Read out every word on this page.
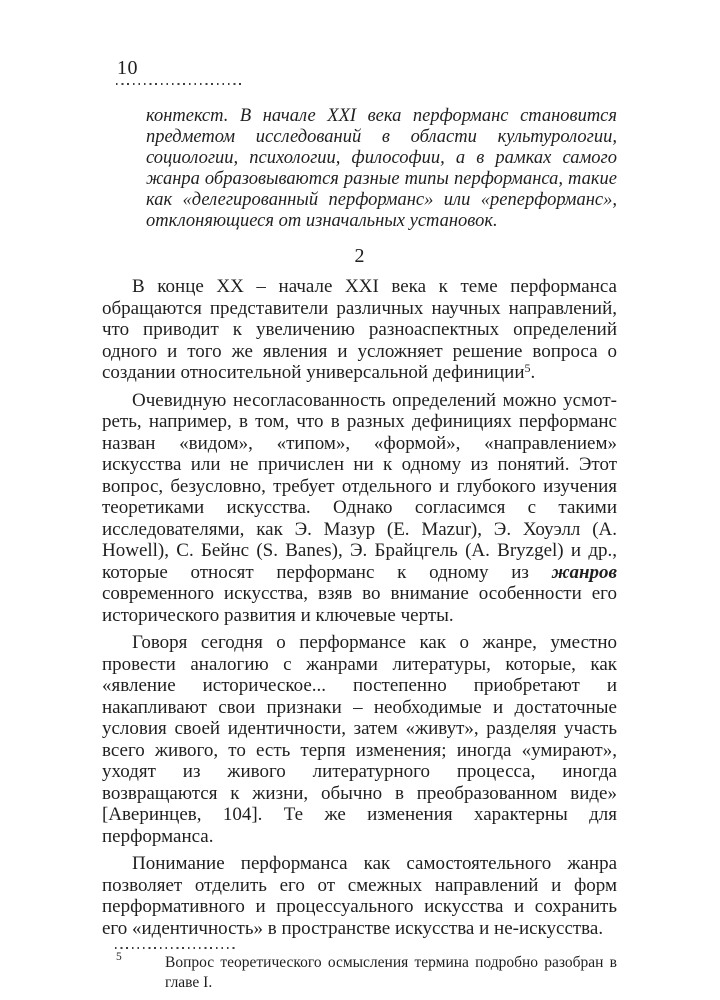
10

контекст. В начале XXI века перформанс становится предметом исследований в области культурологии, социологии, психологии, философии, а в рамках самого жанра образовываются разные типы перформанса, такие как «делегированный перформанс» или «реперформанс», отклоняющиеся от изначальных установок.

2

В конце XX – начале XXI века к теме перформанса обращаются представители различных научных направлений, что приводит к увеличению разноаспектных определений одного и того же явления и усложняет решение вопроса о создании относительной универсальной дефиниции$^5$.

Очевидную несогласованность определений можно усмотреть, например, в том, что в разных дефинициях перформанс назван «видом», «типом», «формой», «направлением» искусства или не причислен ни к одному из понятий. Этот вопрос, безусловно, требует отдельного и глубокого изучения теоретиками искусства. Однако согласимся с такими исследователями, как Э. Мазур (E. Mazur), Э. Хоуэлл (A. Howell), С. Бейнс (S. Banes), Э. Брайцгель (A. Bryzgel) и др., которые относят перформанс к одному из жанров современного искусства, взяв во внимание особенности его исторического развития и ключевые черты.

Говоря сегодня о перформансе как о жанре, уместно провести аналогию с жанрами литературы, которые, как «явление историческое... постепенно приобретают и накапливают свои признаки – необходимые и достаточные условия своей идентичности, затем «живут», разделяя участь всего живого, то есть терпя изменения; иногда «умирают», уходят из живого литературного процесса, иногда возвращаются к жизни, обычно в преобразованном виде» [Аверинцев, 104]. Те же изменения характерны для перформанса.

Понимание перформанса как самостоятельного жанра позволяет отделить его от смежных направлений и форм перформативного и процессуального искусства и сохранить его «идентичность» в пространстве искусства и не-искусства.

5	Вопрос теоретического осмысления термина подробно разобран в главе I.
